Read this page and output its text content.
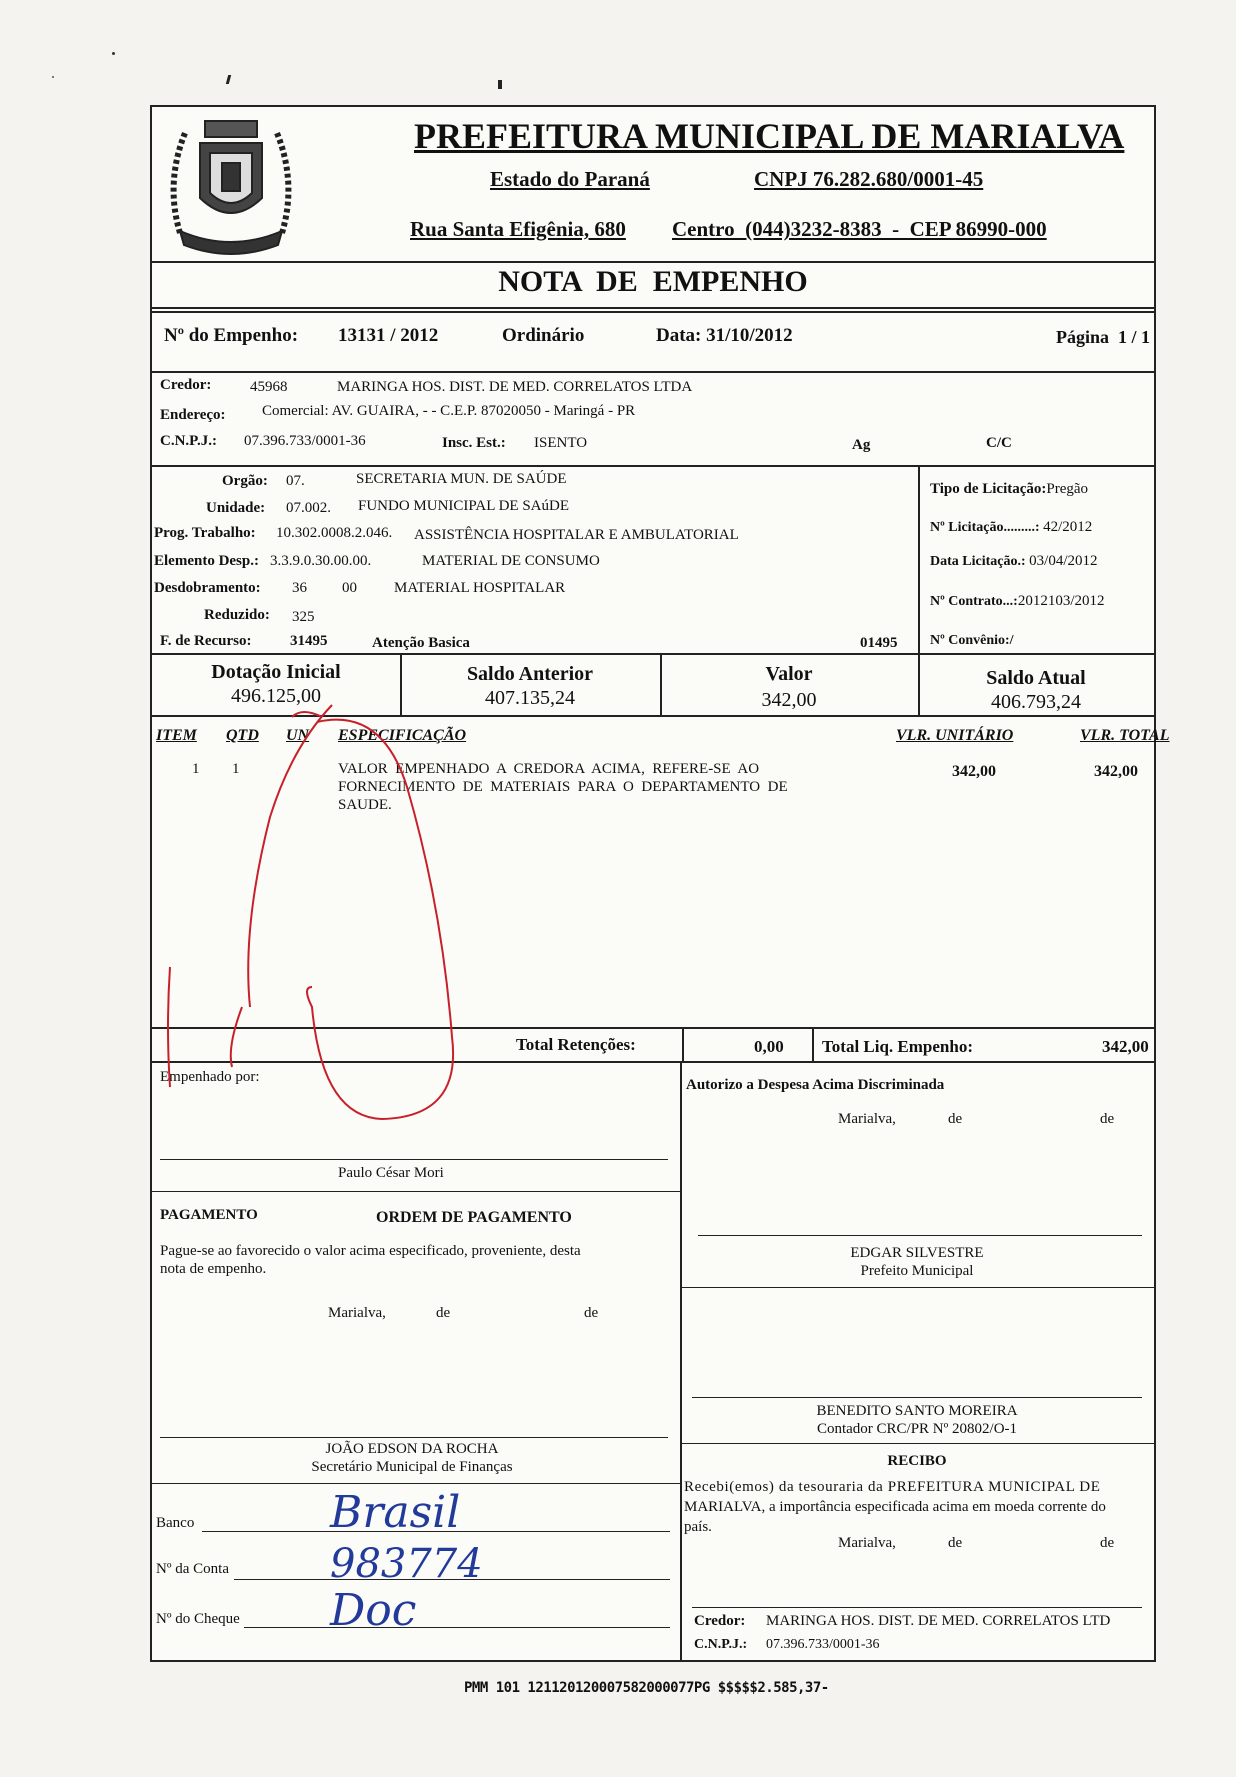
PREFEITURA MUNICIPAL DE MARIALVA
Estado do Paraná	CNPJ 76.282.680/0001-45
Rua Santa Efigênia, 680 Centro  (044)3232-8383  -  CEP 86990-000
NOTA  DE  EMPENHO
Nº do Empenho: 13131 / 2012	Ordinário	Data: 31/10/2012	Página  1 / 1
Credor:	45968	MARINGA HOS. DIST. DE MED. CORRELATOS LTDA
Endereço: Comercial: AV. GUAIRA, - - C.E.P. 87020050 - Maringá - PR
C.N.P.J.: 07.396.733/0001-36	Insc. Est.: ISENTO	Ag	C/C
Orgão: 07.	SECRETARIA MUN. DE SAÚDE
Unidade: 07.002. FUNDO MUNICIPAL DE SAúDE
Prog. Trabalho: 10.302.0008.2.046. ASSISTÊNCIA HOSPITALAR E AMBULATORIAL
Elemento Desp.: 3.3.9.0.30.00.00.	MATERIAL DE CONSUMO
Desdobramento: 36 00 MATERIAL HOSPITALAR
Reduzido: 325
F. de Recurso:	31495	Atenção Basica	01495
Tipo de Licitação:Pregão
Nº Licitação.........: 42/2012
Data Licitação.: 03/04/2012
Nº Contrato...:2012103/2012
Nº Convênio:/
Dotação Inicial
496.125,00
Saldo Anterior
407.135,24
Valor
342,00
Saldo Atual
406.793,24
ITEM QTD UN ESPECIFICAÇÃO	VLR. UNITÁRIO	VLR. TOTAL
1 1	VALOR  EMPENHADO  A  CREDORA  ACIMA,  REFERE-SE  AO
FORNECIMENTO  DE  MATERIAIS  PARA  O  DEPARTAMENTO  DE
SAUDE.
342,00	342,00
Total Retenções:	0,00 Total Liq. Empenho:	342,00
Empenhado por:
Paulo César Mori
PAGAMENTO	ORDEM DE PAGAMENTO
Pague-se ao favorecido o valor acima especificado, proveniente, desta
nota de empenho.
Marialva,	de	de
JOÃO EDSON DA ROCHA
Secretário Municipal de Finanças
Banco	Brasil
Nº da Conta	983774
Nº do Cheque Doc
Autorizo a Despesa Acima Discriminada
Marialva,	de	de
EDGAR SILVESTRE
Prefeito Municipal
BENEDITO SANTO MOREIRA
Contador CRC/PR Nº 20802/O-1
RECIBO
Recebi(emos) da tesouraria da PREFEITURA MUNICIPAL DE
MARIALVA, a importância especificada acima em moeda corrente do
país.
Marialva,	de	de
Credor: MARINGA HOS. DIST. DE MED. CORRELATOS LTD
C.N.P.J.: 07.396.733/0001-36
PMM 101 121120120007582000077PG $$$$$2.585,37-
